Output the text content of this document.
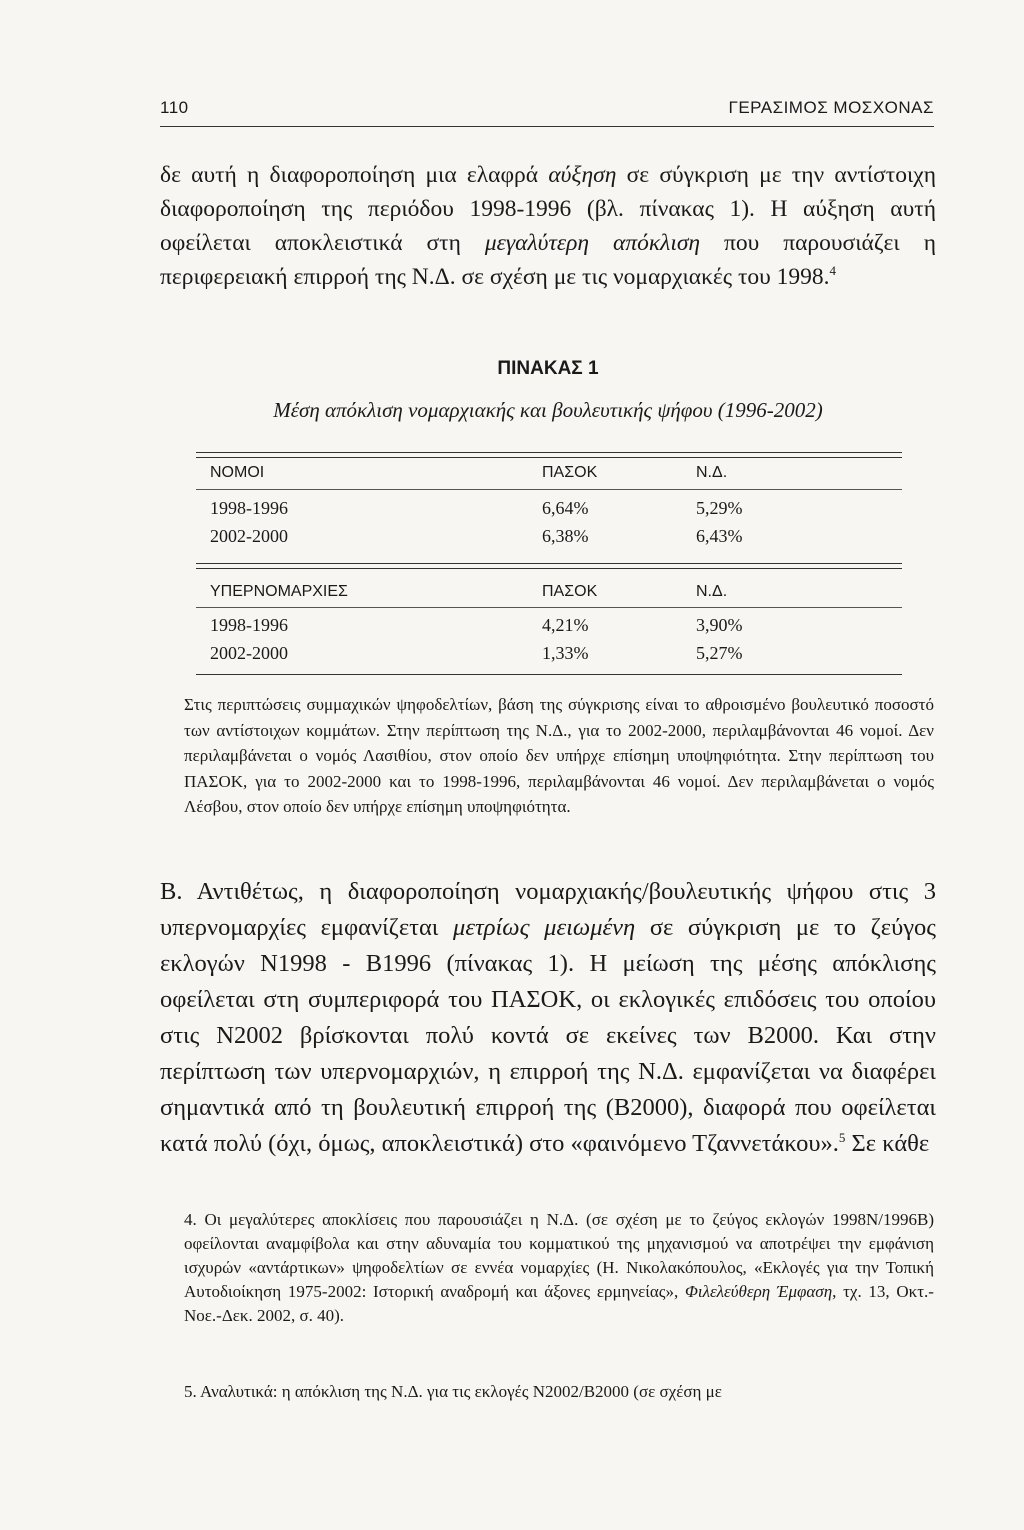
110	ΓΕΡΑΣΙΜΟΣ ΜΟΣΧΟΝΑΣ

δε αυτή η διαφοροποίηση μια ελαφρά αύξηση σε σύγκριση με την αντίστοιχη διαφοροποίηση της περιόδου 1998-1996 (βλ. πίνακας 1). Η αύξηση αυτή οφείλεται αποκλειστικά στη μεγαλύτερη απόκλιση που παρουσιάζει η περιφερειακή επιρροή της Ν.Δ. σε σχέση με τις νομαρχιακές του 1998.$^4$

ΠΙΝΑΚΑΣ 1
Μέση απόκλιση νομαρχιακής και βουλευτικής ψήφου (1996-2002)
ΝΟΜΟΙ	ΠΑΣΟΚ	Ν.Δ.
1998-1996	6,64%	5,29%
2002-2000	6,38%	6,43%
ΥΠΕΡΝΟΜΑΡΧΙΕΣ	ΠΑΣΟΚ	Ν.Δ.
1998-1996	4,21%	3,90%
2002-2000	1,33%	5,27%

Στις περιπτώσεις συμμαχικών ψηφοδελτίων, βάση της σύγκρισης είναι το αθροισμένο βουλευτικό ποσοστό των αντίστοιχων κομμάτων. Στην περίπτωση της Ν.Δ., για το 2002-2000, περιλαμβάνονται 46 νομοί. Δεν περιλαμβάνεται ο νομός Λασιθίου, στον οποίο δεν υπήρχε επίσημη υποψηφιότητα. Στην περίπτωση του ΠΑΣΟΚ, για το 2002-2000 και το 1998-1996, περιλαμβάνονται 46 νομοί. Δεν περιλαμβάνεται ο νομός Λέσβου, στον οποίο δεν υπήρχε επίσημη υποψηφιότητα.

Β. Αντιθέτως, η διαφοροποίηση νομαρχιακής/βουλευτικής ψήφου στις 3 υπερνομαρχίες εμφανίζεται μετρίως μειωμένη σε σύγκριση με το ζεύγος εκλογών Ν1998 - Β1996 (πίνακας 1). Η μείωση της μέσης απόκλισης οφείλεται στη συμπεριφορά του ΠΑΣΟΚ, οι εκλογικές επιδόσεις του οποίου στις Ν2002 βρίσκονται πολύ κοντά σε εκείνες των Β2000. Και στην περίπτωση των υπερνομαρχιών, η επιρροή της Ν.Δ. εμφανίζεται να διαφέρει σημαντικά από τη βουλευτική επιρροή της (Β2000), διαφορά που οφείλεται κατά πολύ (όχι, όμως, αποκλειστικά) στο «φαινόμενο Τζαννετάκου».$^5$ Σε κάθε

4. Οι μεγαλύτερες αποκλίσεις που παρουσιάζει η Ν.Δ. (σε σχέση με το ζεύγος εκλογών 1998Ν/1996Β) οφείλονται αναμφίβολα και στην αδυναμία του κομματικού της μηχανισμού να αποτρέψει την εμφάνιση ισχυρών «αντάρτικων» ψηφοδελτίων σε εννέα νομαρχίες (Η. Νικολακόπουλος, «Εκλογές για την Τοπική Αυτοδιοίκηση 1975-2002: Ιστορική αναδρομή και άξονες ερμηνείας», Φιλελεύθερη Έμφαση, τχ. 13, Οκτ.-Νοε.-Δεκ. 2002, σ. 40).

5. Αναλυτικά: η απόκλιση της Ν.Δ. για τις εκλογές Ν2002/Β2000 (σε σχέση με
